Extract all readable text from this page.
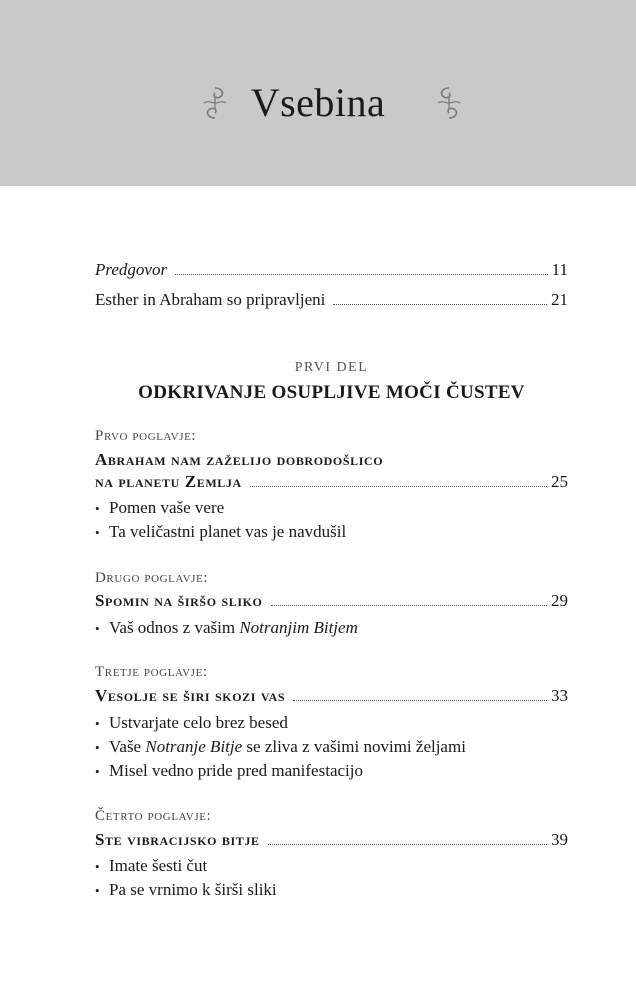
Vsebina
Predgovor	11
Esther in Abraham so pripravljeni	21
PRVI DEL
ODKRIVANJE OSUPLJIVE MOČI ČUSTEV
Prvo poglavje:
Abraham nam zaželijo dobrodošlico
na planetu Zemlja	25
• Pomen vaše vere
• Ta veličastni planet vas je navdušil
Drugo poglavje:
Spomin na širšo sliko	29
• Vaš odnos z vašim Notranjim Bitjem
Tretje poglavje:
Vesolje se širi skozi vas	33
• Ustvarjate celo brez besed
• Vaše Notranje Bitje se zliva z vašimi novimi željami
• Misel vedno pride pred manifestacijo
Četrto poglavje:
Ste vibracijsko bitje	39
• Imate šesti čut
• Pa se vrnimo k širši sliki
